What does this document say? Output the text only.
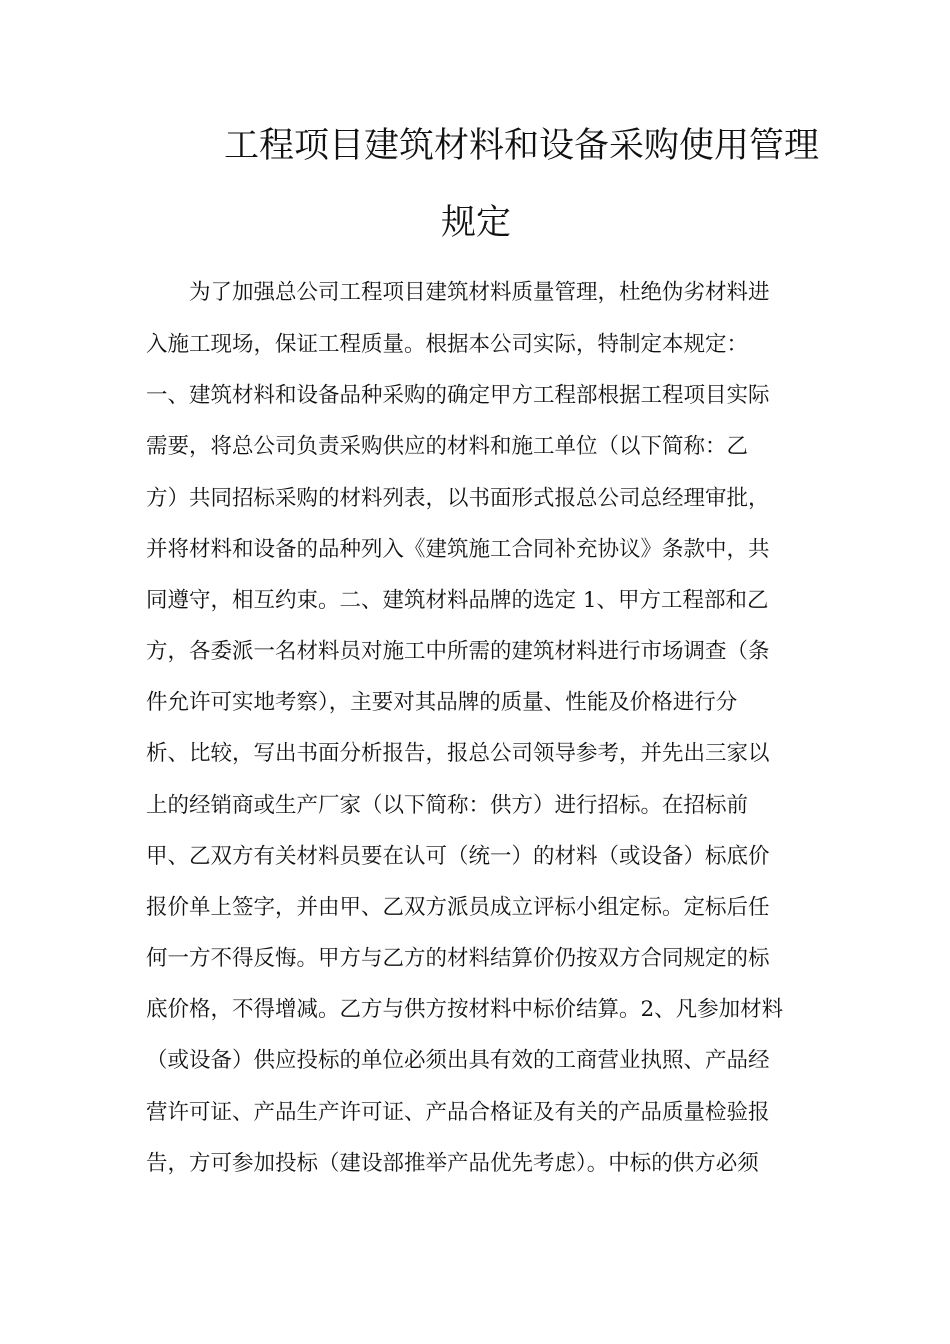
工程项目建筑材料和设备采购使用管理
规定
为了加强总公司工程项目建筑材料质量管理，杜绝伪劣材料进
入施工现场，保证工程质量。根据本公司实际，特制定本规定：
一、建筑材料和设备品种采购的确定甲方工程部根据工程项目实际
需要，将总公司负责采购供应的材料和施工单位（以下简称：乙
方）共同招标采购的材料列表，以书面形式报总公司总经理审批，
并将材料和设备的品种列入《建筑施工合同补充协议》条款中，共
同遵守，相互约束。二、建筑材料品牌的选定 1、甲方工程部和乙
方，各委派一名材料员对施工中所需的建筑材料进行市场调查（条
件允许可实地考察），主要对其品牌的质量、性能及价格进行分
析、比较，写出书面分析报告，报总公司领导参考，并先出三家以
上的经销商或生产厂家（以下简称：供方）进行招标。在招标前
甲、乙双方有关材料员要在认可（统一）的材料（或设备）标底价
报价单上签字，并由甲、乙双方派员成立评标小组定标。定标后任
何一方不得反悔。甲方与乙方的材料结算价仍按双方合同规定的标
底价格，不得增减。乙方与供方按材料中标价结算。2、凡参加材料
（或设备）供应投标的单位必须出具有效的工商营业执照、产品经
营许可证、产品生产许可证、产品合格证及有关的产品质量检验报
告，方可参加投标（建设部推举产品优先考虑）。中标的供方必须
